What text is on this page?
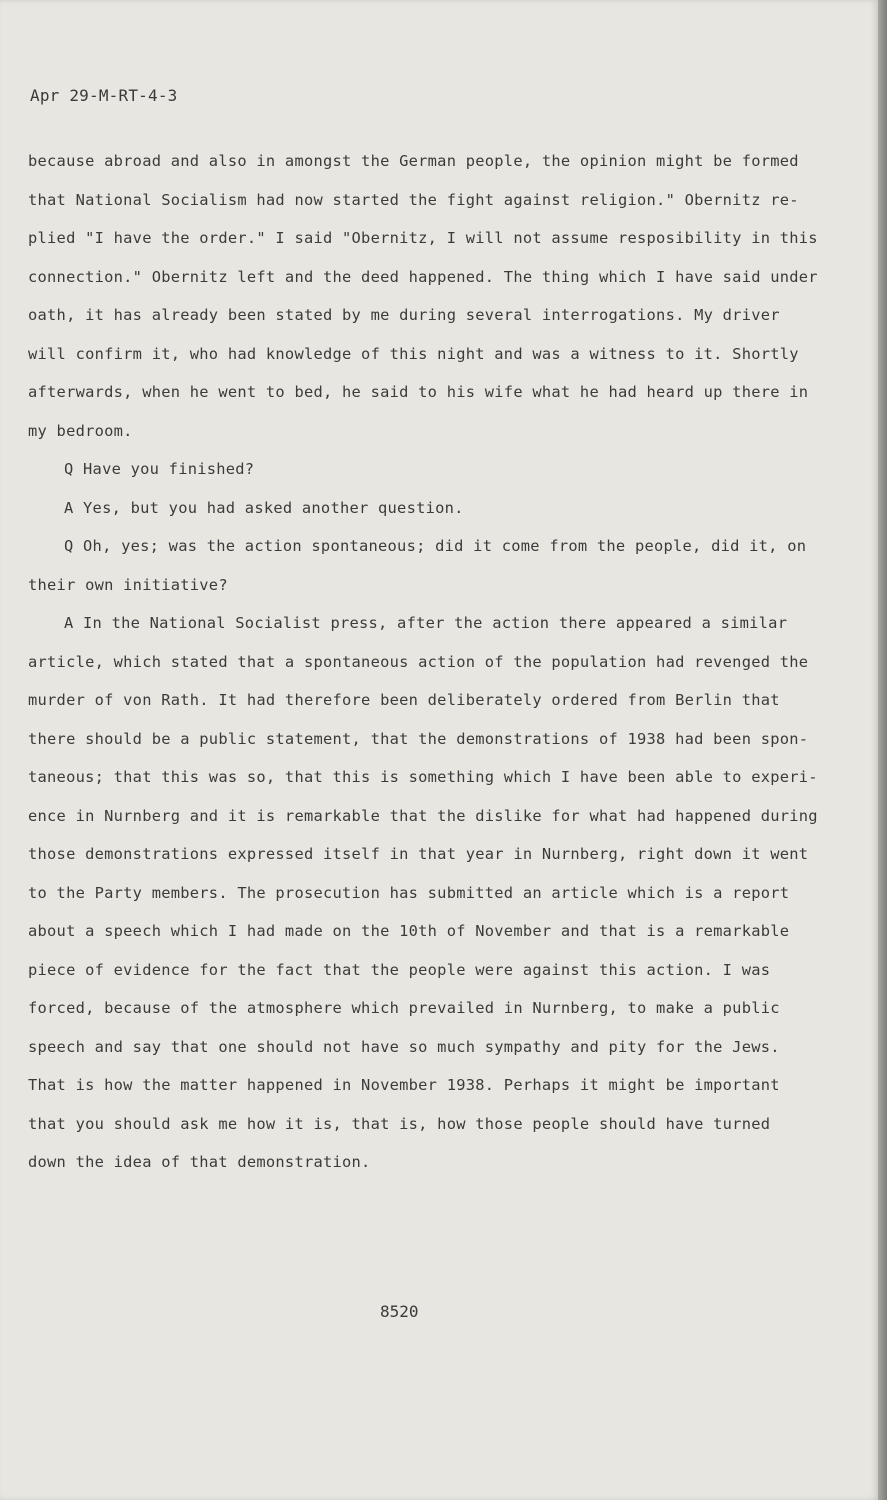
Apr 29-M-RT-4-3
because abroad and also in amongst the German people, the opinion might be formed
that National Socialism had now started the fight against religion." Obernitz re-
plied "I have the order." I said "Obernitz, I will not assume resposibility in this
connection." Obernitz left and the deed happened. The thing which I have said under
oath, it has already been stated by me during several interrogations. My driver
will confirm it, who had knowledge of this night and was a witness to it. Shortly
afterwards, when he went to bed, he said to his wife what he had heard up there in
my bedroom.
Q Have you finished?
A Yes, but you had asked another question.
Q Oh, yes; was the action spontaneous; did it come from the people, did it, on
their own initiative?
A In the National Socialist press, after the action there appeared a similar
article, which stated that a spontaneous action of the population had revenged the
murder of von Rath. It had therefore been deliberately ordered from Berlin that
there should be a public statement, that the demonstrations of 1938 had been spon-
taneous; that this was so, that this is something which I have been able to experi-
ence in Nurnberg and it is remarkable that the dislike for what had happened during
those demonstrations expressed itself in that year in Nurnberg, right down it went
to the Party members. The prosecution has submitted an article which is a report
about a speech which I had made on the 10th of November and that is a remarkable
piece of evidence for the fact that the people were against this action. I was
forced, because of the atmosphere which prevailed in Nurnberg, to make a public
speech and say that one should not have so much sympathy and pity for the Jews.
That is how the matter happened in November 1938. Perhaps it might be important
that you should ask me how it is, that is, how those people should have turned
down the idea of that demonstration.
8520
